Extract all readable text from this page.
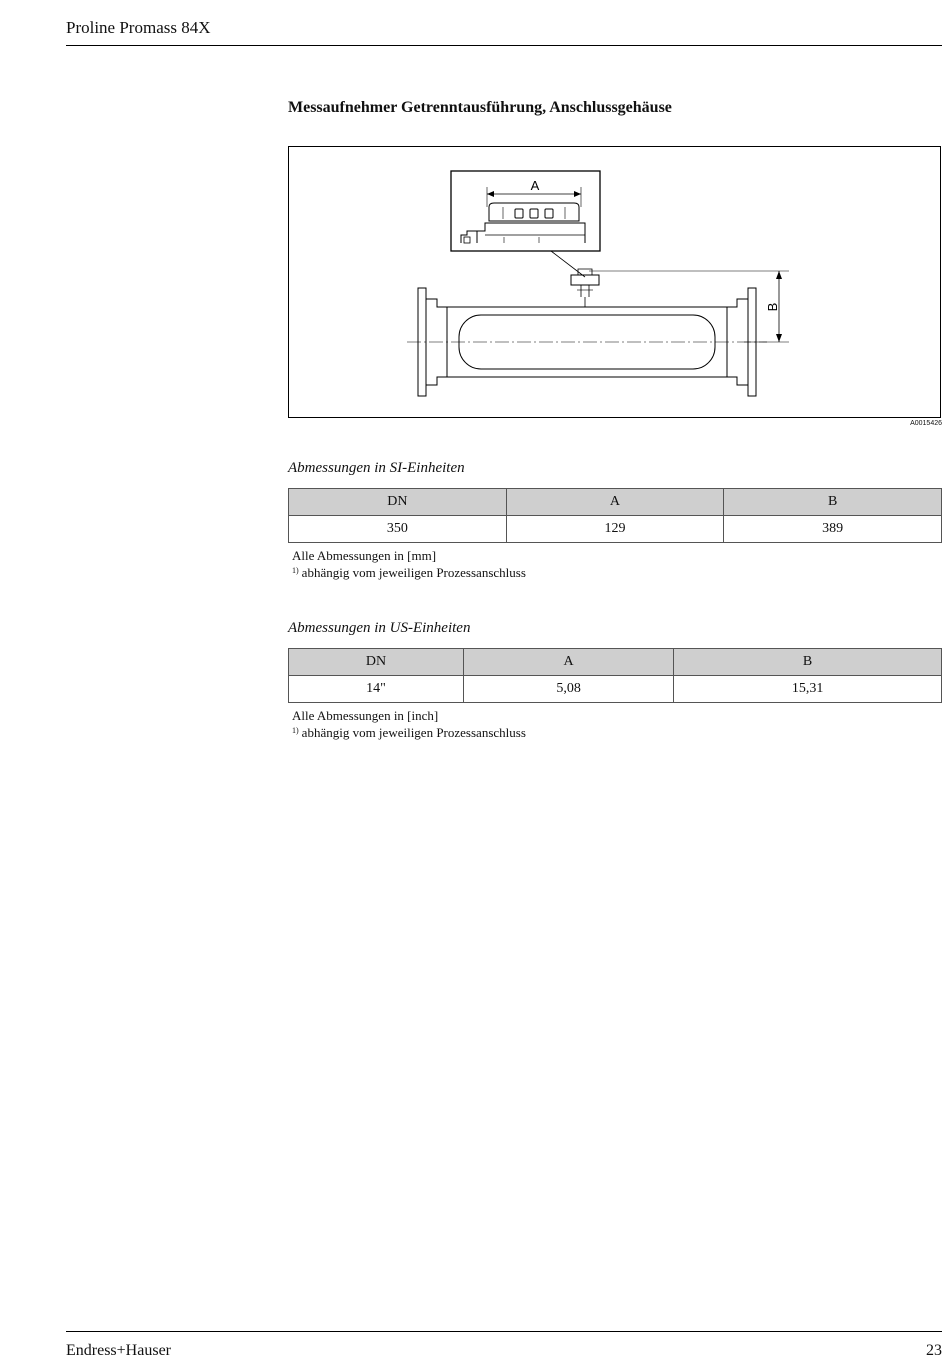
Proline Promass 84X
Messaufnehmer Getrenntausführung, Anschlussgehäuse
A
B
A0015426
Abmessungen in SI-Einheiten
DN	A	B
350	129	389
Alle Abmessungen in [mm]
$^{1)}$ abhängig vom jeweiligen Prozessanschluss
Abmessungen in US-Einheiten
DN	A	B
14"	5,08	15,31
Alle Abmessungen in [inch]
$^{1)}$ abhängig vom jeweiligen Prozessanschluss
Endress+Hauser	23
